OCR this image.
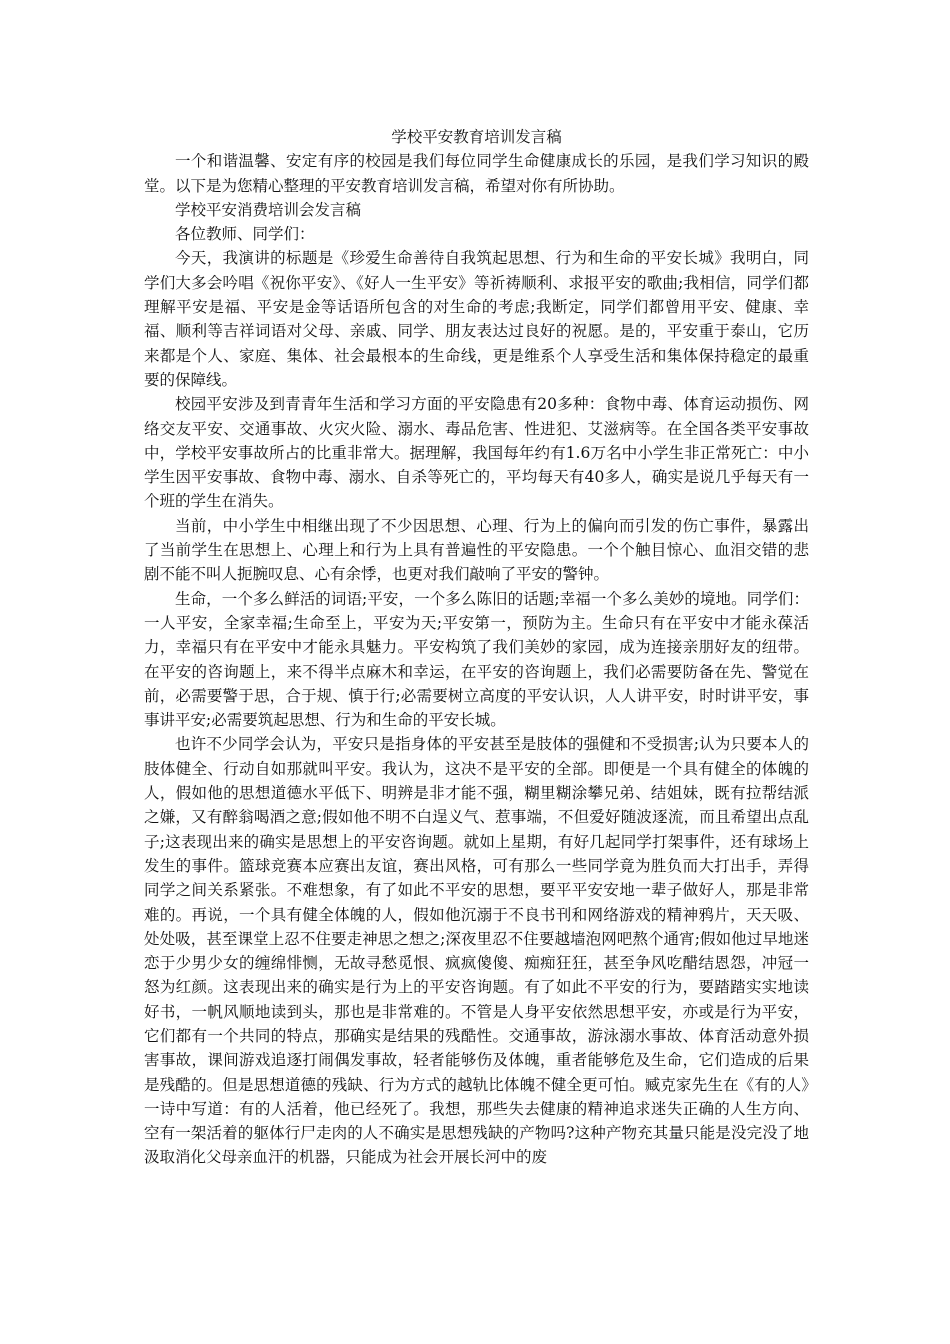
学校平安教育培训发言稿

一个和谐温馨、安定有序的校园是我们每位同学生命健康成长的乐园，是我们学习知识的殿堂。以下是为您精心整理的平安教育培训发言稿，希望对你有所协助。

学校平安消费培训会发言稿

各位教师、同学们：

今天，我演讲的标题是《珍爱生命善待自我筑起思想、行为和生命的平安长城》我明白，同学们大多会吟唱《祝你平安》、《好人一生平安》等祈祷顺利、求报平安的歌曲;我相信，同学们都理解平安是福、平安是金等话语所包含的对生命的考虑;我断定，同学们都曾用平安、健康、幸福、顺利等吉祥词语对父母、亲戚、同学、朋友表达过良好的祝愿。是的，平安重于泰山，它历来都是个人、家庭、集体、社会最根本的生命线，更是维系个人享受生活和集体保持稳定的最重要的保障线。

校园平安涉及到青青年生活和学习方面的平安隐患有20多种：食物中毒、体育运动损伤、网络交友平安、交通事故、火灾火险、溺水、毒品危害、性进犯、艾滋病等。在全国各类平安事故中，学校平安事故所占的比重非常大。据理解，我国每年约有1.6万名中小学生非正常死亡：中小学生因平安事故、食物中毒、溺水、自杀等死亡的，平均每天有40多人，确实是说几乎每天有一个班的学生在消失。

当前，中小学生中相继出现了不少因思想、心理、行为上的偏向而引发的伤亡事件，暴露出了当前学生在思想上、心理上和行为上具有普遍性的平安隐患。一个个触目惊心、血泪交错的悲剧不能不叫人扼腕叹息、心有余悸，也更对我们敲响了平安的警钟。

生命，一个多么鲜活的词语;平安，一个多么陈旧的话题;幸福一个多么美妙的境地。同学们：一人平安，全家幸福;生命至上，平安为天;平安第一，预防为主。生命只有在平安中才能永葆活力，幸福只有在平安中才能永具魅力。平安构筑了我们美妙的家园，成为连接亲朋好友的纽带。在平安的咨询题上，来不得半点麻木和幸运，在平安的咨询题上，我们必需要防备在先、警觉在前，必需要警于思，合于规、慎于行;必需要树立高度的平安认识，人人讲平安，时时讲平安，事事讲平安;必需要筑起思想、行为和生命的平安长城。

也许不少同学会认为，平安只是指身体的平安甚至是肢体的强健和不受损害;认为只要本人的肢体健全、行动自如那就叫平安。我认为，这决不是平安的全部。即便是一个具有健全的体魄的人，假如他的思想道德水平低下、明辨是非才能不强，糊里糊涂攀兄弟、结姐妹，既有拉帮结派之嫌，又有醉翁喝酒之意;假如他不明不白逞义气、惹事端，不但爱好随波逐流，而且希望出点乱子;这表现出来的确实是思想上的平安咨询题。就如上星期，有好几起同学打架事件，还有球场上发生的事件。篮球竞赛本应赛出友谊，赛出风格，可有那么一些同学竟为胜负而大打出手，弄得同学之间关系紧张。不难想象，有了如此不平安的思想，要平平安安地一辈子做好人，那是非常难的。再说，一个具有健全体魄的人，假如他沉溺于不良书刊和网络游戏的精神鸦片，天天吸、处处吸，甚至课堂上忍不住要走神思之想之;深夜里忍不住要越墙泡网吧熬个通宵;假如他过早地迷恋于少男少女的缠绵悱恻，无故寻愁觅恨、疯疯傻傻、痴痴狂狂，甚至争风吃醋结恩怨，冲冠一怒为红颜。这表现出来的确实是行为上的平安咨询题。有了如此不平安的行为，要踏踏实实地读好书，一帆风顺地读到头，那也是非常难的。不管是人身平安依然思想平安，亦或是行为平安，它们都有一个共同的特点，那确实是结果的残酷性。交通事故，游泳溺水事故、体育活动意外损害事故，课间游戏追逐打闹偶发事故，轻者能够伤及体魄，重者能够危及生命，它们造成的后果是残酷的。但是思想道德的残缺、行为方式的越轨比体魄不健全更可怕。臧克家先生在《有的人》一诗中写道：有的人活着，他已经死了。我想，那些失去健康的精神追求迷失正确的人生方向、空有一架活着的躯体行尸走肉的人不确实是思想残缺的产物吗?这种产物充其量只能是没完没了地汲取消化父母亲血汗的机器，只能成为社会开展长河中的废
